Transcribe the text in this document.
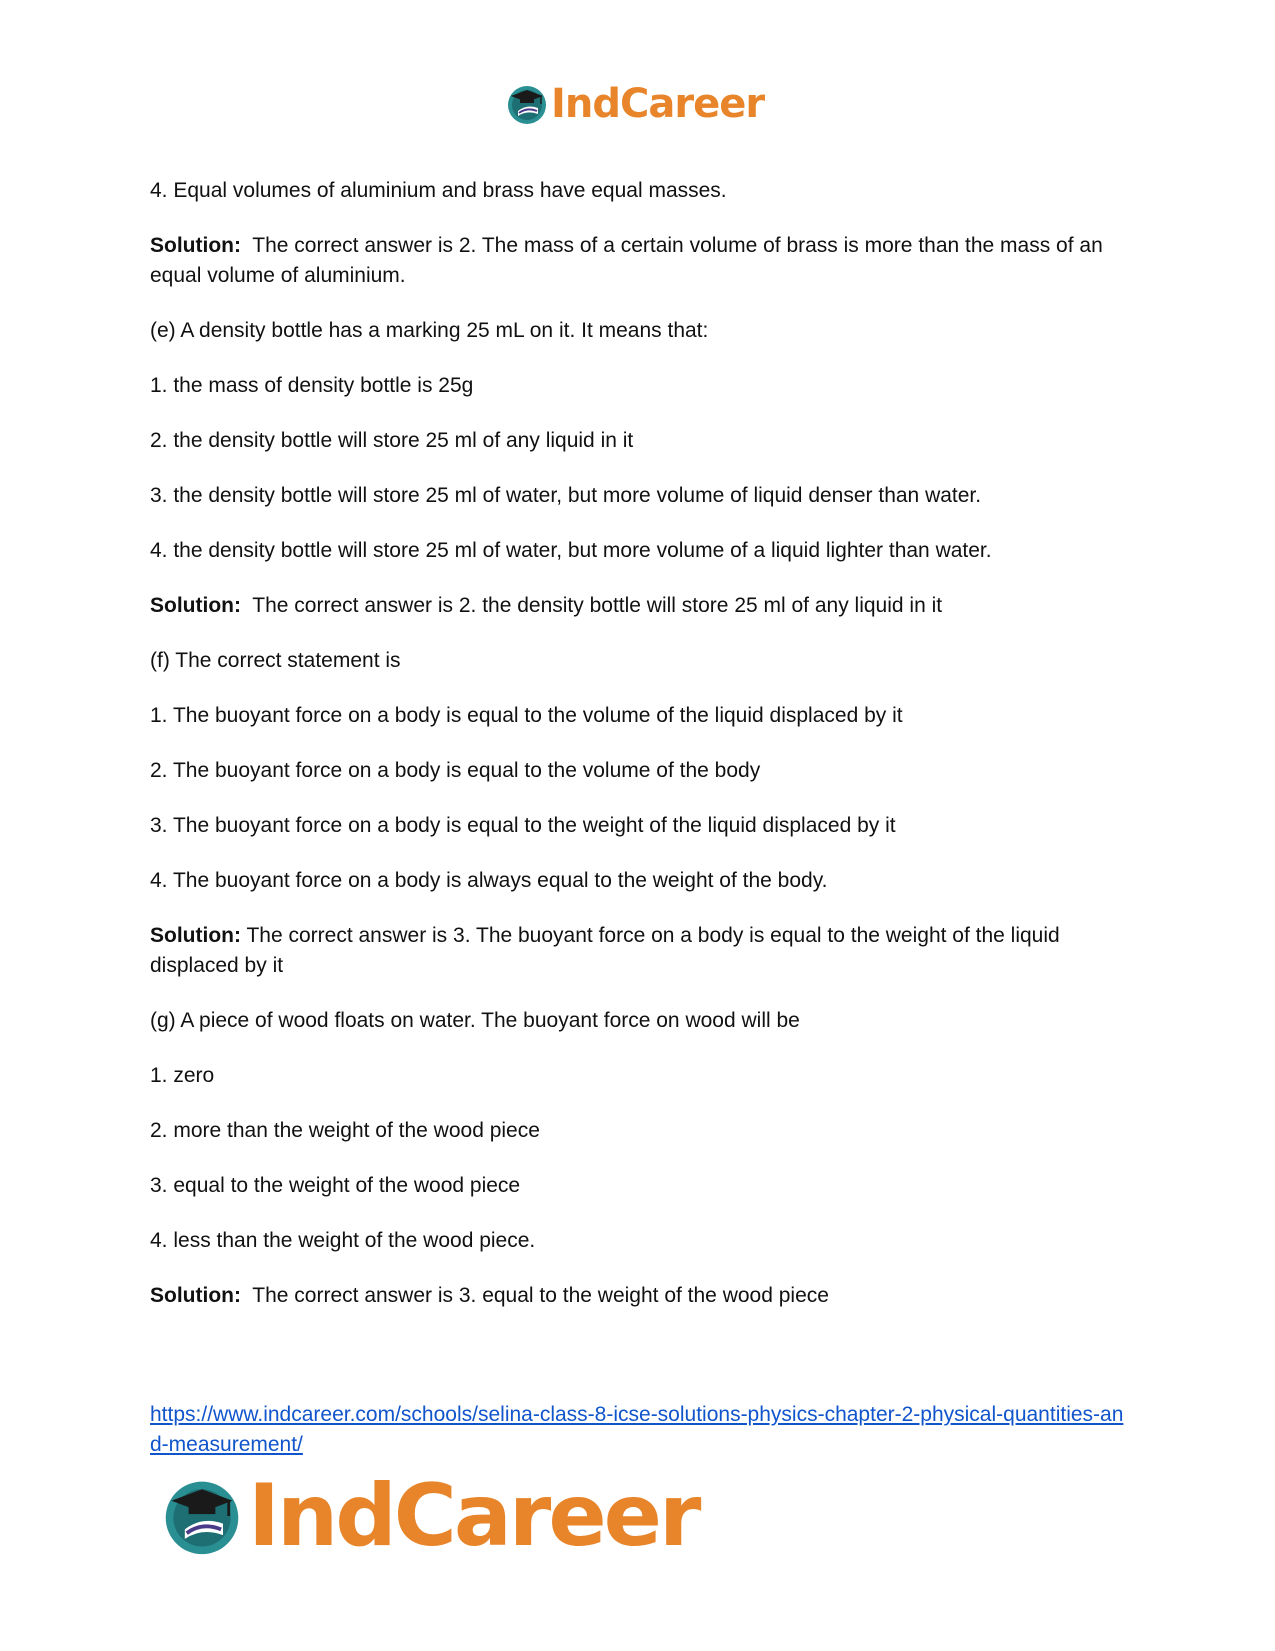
IndCareer

4. Equal volumes of aluminium and brass have equal masses.

Solution: The correct answer is 2. The mass of a certain volume of brass is more than the mass of an equal volume of aluminium.

(e) A density bottle has a marking 25 mL on it. It means that:

1. the mass of density bottle is 25g

2. the density bottle will store 25 ml of any liquid in it

3. the density bottle will store 25 ml of water, but more volume of liquid denser than water.

4. the density bottle will store 25 ml of water, but more volume of a liquid lighter than water.

Solution: The correct answer is 2. the density bottle will store 25 ml of any liquid in it

(f) The correct statement is

1. The buoyant force on a body is equal to the volume of the liquid displaced by it

2. The buoyant force on a body is equal to the volume of the body

3. The buoyant force on a body is equal to the weight of the liquid displaced by it

4. The buoyant force on a body is always equal to the weight of the body.

Solution: The correct answer is 3. The buoyant force on a body is equal to the weight of the liquid displaced by it

(g) A piece of wood floats on water. The buoyant force on wood will be

1. zero

2. more than the weight of the wood piece

3. equal to the weight of the wood piece

4. less than the weight of the wood piece.

Solution: The correct answer is 3. equal to the weight of the wood piece

https://www.indcareer.com/schools/selina-class-8-icse-solutions-physics-chapter-2-physical-quantities-and-measurement/
IndCareer
